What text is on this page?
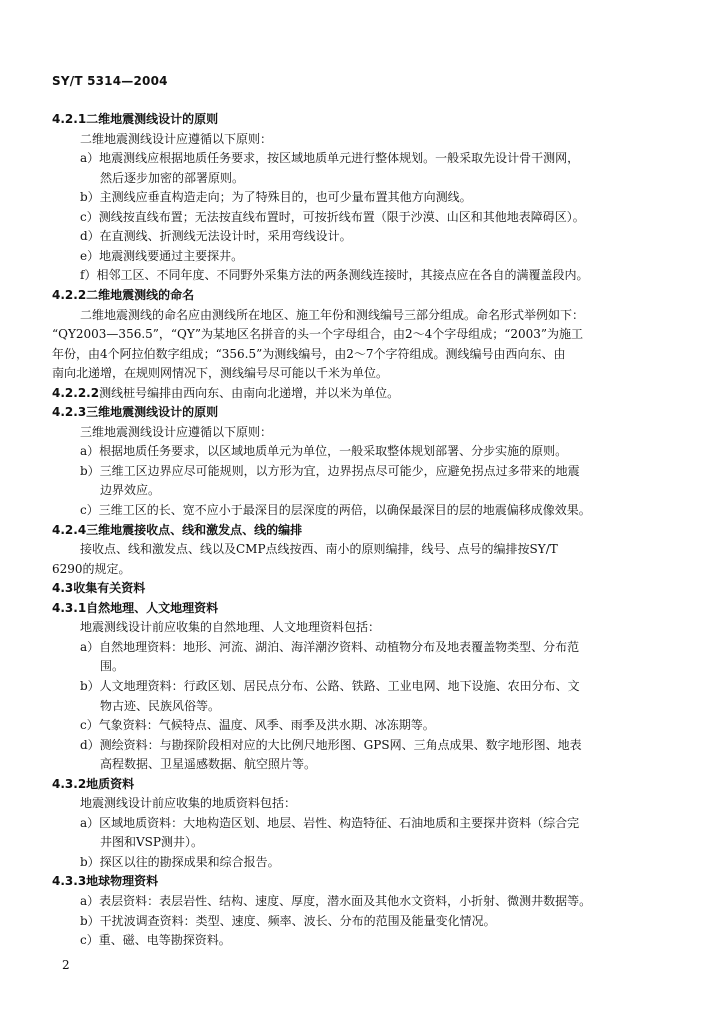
SY/T 5314—2004
4.2.1二维地震测线设计的原则
二维地震测线设计应遵循以下原则：
a）地震测线应根据地质任务要求，按区域地质单元进行整体规划。一般采取先设计骨干测网，
然后逐步加密的部署原则。
b）主测线应垂直构造走向；为了特殊目的，也可少量布置其他方向测线。
c）测线按直线布置；无法按直线布置时，可按折线布置（限于沙漠、山区和其他地表障碍区）。
d）在直测线、折测线无法设计时，采用弯线设计。
e）地震测线要通过主要探井。
f）相邻工区、不同年度、不同野外采集方法的两条测线连接时，其接点应在各自的满覆盖段内。
4.2.2二维地震测线的命名
二维地震测线的命名应由测线所在地区、施工年份和测线编号三部分组成。命名形式举例如下：
“QY2003—356.5”，“QY”为某地区名拼音的头一个字母组合，由2～4个字母组成；“2003”为施工
年份，由4个阿拉伯数字组成；“356.5”为测线编号，由2～7个字符组成。测线编号由西向东、由
南向北递增，在规则网情况下，测线编号尽可能以千米为单位。
4.2.2.2测线桩号编排由西向东、由南向北递增，并以米为单位。
4.2.3三维地震测线设计的原则
三维地震测线设计应遵循以下原则：
a）根据地质任务要求，以区域地质单元为单位，一般采取整体规划部署、分步实施的原则。
b）三维工区边界应尽可能规则，以方形为宜，边界拐点尽可能少，应避免拐点过多带来的地震
边界效应。
c）三维工区的长、宽不应小于最深目的层深度的两倍，以确保最深目的层的地震偏移成像效果。
4.2.4三维地震接收点、线和激发点、线的编排
接收点、线和激发点、线以及CMP点线按西、南小的原则编排，线号、点号的编排按SY/T
6290的规定。
4.3收集有关资料
4.3.1自然地理、人文地理资料
地震测线设计前应收集的自然地理、人文地理资料包括：
a）自然地理资料：地形、河流、湖泊、海洋潮汐资料、动植物分布及地表覆盖物类型、分布范
围。
b）人文地理资料：行政区划、居民点分布、公路、铁路、工业电网、地下设施、农田分布、文
物古迹、民族风俗等。
c）气象资料：气候特点、温度、风季、雨季及洪水期、冰冻期等。
d）测绘资料：与勘探阶段相对应的大比例尺地形图、GPS网、三角点成果、数字地形图、地表
高程数据、卫星遥感数据、航空照片等。
4.3.2地质资料
地震测线设计前应收集的地质资料包括：
a）区域地质资料：大地构造区划、地层、岩性、构造特征、石油地质和主要探井资料（综合完
井图和VSP测井）。
b）探区以往的勘探成果和综合报告。
4.3.3地球物理资料
a）表层资料：表层岩性、结构、速度、厚度，潜水面及其他水文资料，小折射、微测井数据等。
b）干扰波调查资料：类型、速度、频率、波长、分布的范围及能量变化情况。
c）重、磁、电等勘探资料。
2
